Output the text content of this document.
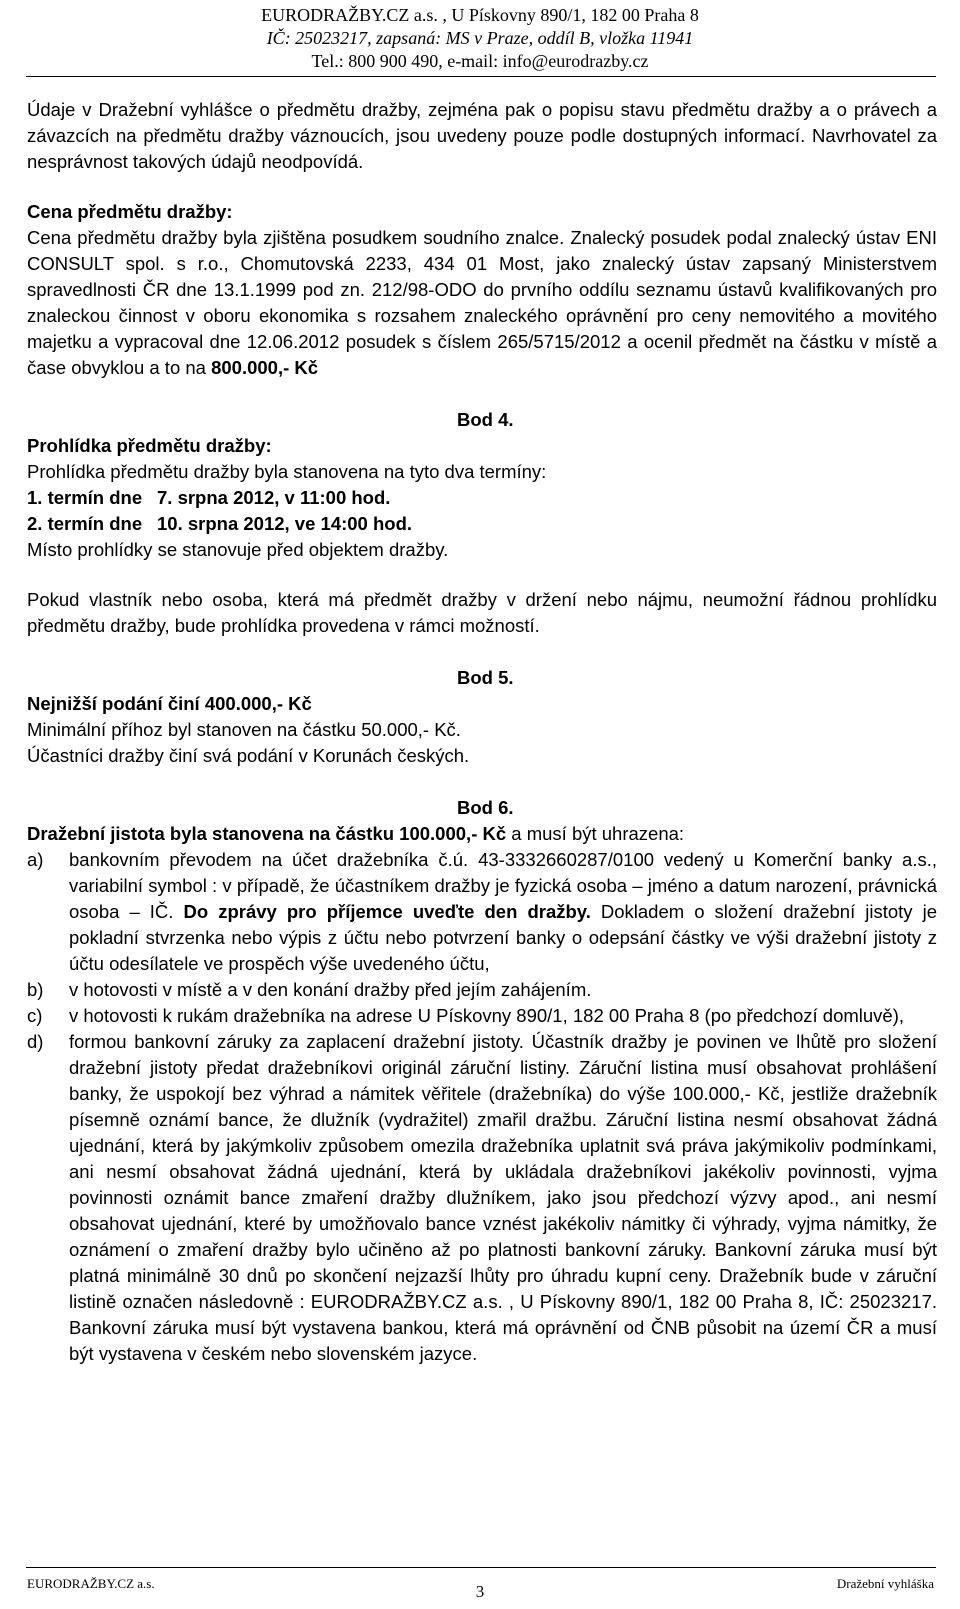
EURODRAŽBY.CZ a.s. , U Pískovny 890/1, 182 00 Praha 8
IČ: 25023217, zapsaná: MS v Praze, oddíl B, vložka 11941
Tel.: 800 900 490, e-mail: info@eurodrazby.cz

Údaje v Dražební vyhlášce o předmětu dražby, zejména pak o popisu stavu předmětu dražby a o právech a závazcích na předmětu dražby váznoucích, jsou uvedeny pouze podle dostupných informací. Navrhovatel za nesprávnost takových údajů neodpovídá.

Cena předmětu dražby:

Cena předmětu dražby byla zjištěna posudkem soudního znalce. Znalecký posudek podal znalecký ústav ENI CONSULT spol. s r.o., Chomutovská 2233, 434 01 Most, jako znalecký ústav zapsaný Ministerstvem spravedlnosti ČR dne 13.1.1999 pod zn. 212/98-ODO do prvního oddílu seznamu ústavů kvalifikovaných pro znaleckou činnost v oboru ekonomika s rozsahem znaleckého oprávnění pro ceny nemovitého a movitého majetku a vypracoval dne 12.06.2012 posudek s číslem 265/5715/2012 a ocenil předmět na částku v místě a čase obvyklou a to na 800.000,- Kč

Bod 4.

Prohlídka předmětu dražby:

Prohlídka předmětu dražby byla stanovena na tyto dva termíny:

1. termín dne 7. srpna 2012, v 11:00 hod.

2. termín dne 10. srpna 2012, ve 14:00 hod.

Místo prohlídky se stanovuje před objektem dražby.

Pokud vlastník nebo osoba, která má předmět dražby v držení nebo nájmu, neumožní řádnou prohlídku předmětu dražby, bude prohlídka provedena v rámci možností.

Bod 5.

Nejnižší podání činí 400.000,- Kč

Minimální příhoz byl stanoven na částku 50.000,- Kč.

Účastníci dražby činí svá podání v Korunách českých.

Bod 6.

Dražební jistota byla stanovena na částku 100.000,- Kč a musí být uhrazena:

a) bankovním převodem na účet dražebníka č.ú. 43-3332660287/0100 vedený u Komerční banky a.s., variabilní symbol : v případě, že účastníkem dražby je fyzická osoba – jméno a datum narození, právnická osoba – IČ. Do zprávy pro příjemce uveďte den dražby. Dokladem o složení dražební jistoty je pokladní stvrzenka nebo výpis z účtu nebo potvrzení banky o odepsání částky ve výši dražební jistoty z účtu odesílatele ve prospěch výše uvedeného účtu,
b) v hotovosti v místě a v den konání dražby před jejím zahájením.
c) v hotovosti k rukám dražebníka na adrese U Pískovny 890/1, 182 00 Praha 8 (po předchozí domluvě),
d) formou bankovní záruky za zaplacení dražební jistoty. Účastník dražby je povinen ve lhůtě pro složení dražební jistoty předat dražebníkovi originál záruční listiny. Záruční listina musí obsahovat prohlášení banky, že uspokojí bez výhrad a námitek věřitele (dražebníka) do výše 100.000,- Kč, jestliže dražebník písemně oznámí bance, že dlužník (vydražitel) zmařil dražbu. Záruční listina nesmí obsahovat žádná ujednání, která by jakýmkoliv způsobem omezila dražebníka uplatnit svá práva jakýmikoliv podmínkami, ani nesmí obsahovat žádná ujednání, která by ukládala dražebníkovi jakékoliv povinnosti, vyjma povinnosti oznámit bance zmaření dražby dlužníkem, jako jsou předchozí výzvy apod., ani nesmí obsahovat ujednání, které by umožňovalo bance vznést jakékoliv námitky či výhrady, vyjma námitky, že oznámení o zmaření dražby bylo učiněno až po platnosti bankovní záruky. Bankovní záruka musí být platná minimálně 30 dnů po skončení nejzazší lhůty pro úhradu kupní ceny. Dražebník bude v záruční listině označen následovně : EURODRAŽBY.CZ a.s. , U Pískovny 890/1, 182 00 Praha 8, IČ: 25023217. Bankovní záruka musí být vystavena bankou, která má oprávnění od ČNB působit na území ČR a musí být vystavena v českém nebo slovenském jazyce.
EURODRAŽBY.CZ a.s.	3	Dražební vyhláška
